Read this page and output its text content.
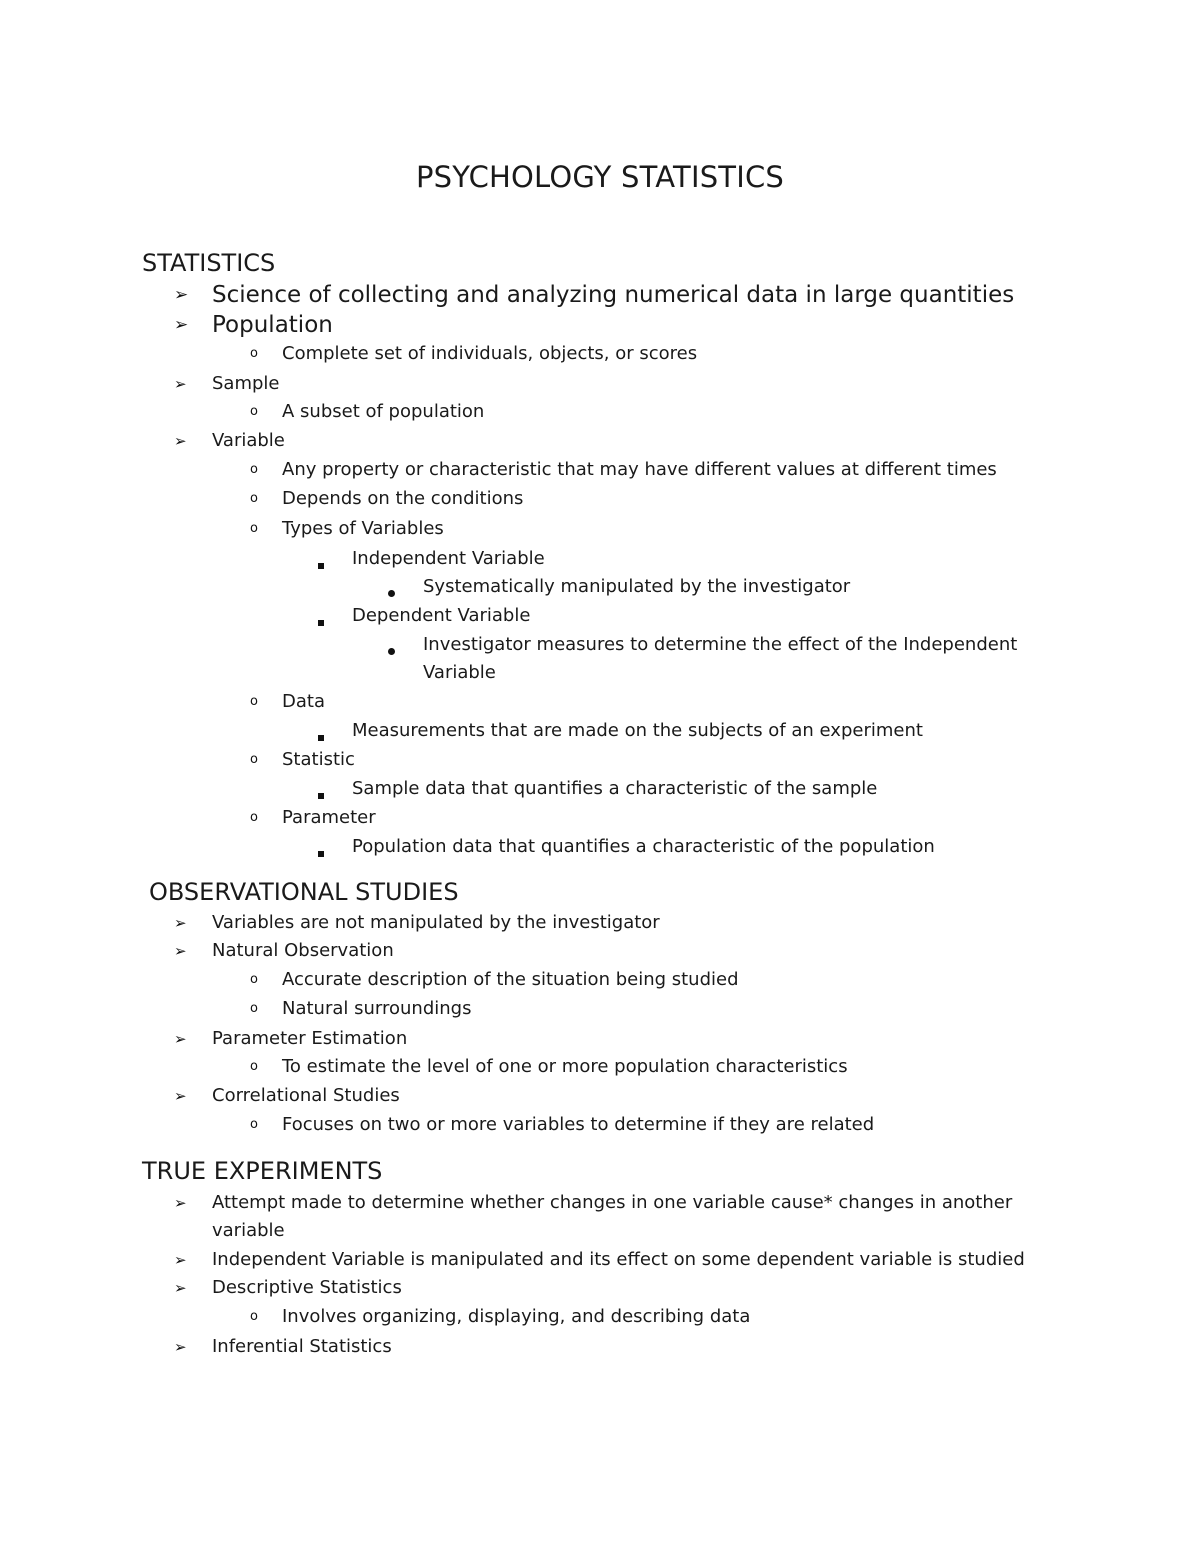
PSYCHOLOGY STATISTICS
STATISTICS
➢ Science of collecting and analyzing numerical data in large quantities
➢ Population
o Complete set of individuals, objects, or scores
➢ Sample
o A subset of population
➢ Variable
o Any property or characteristic that may have different values at different times
o Depends on the conditions
o Types of Variables
Independent Variable
Systematically manipulated by the investigator
Dependent Variable
Investigator measures to determine the effect of the Independent
Variable
o Data
Measurements that are made on the subjects of an experiment
o Statistic
Sample data that quantifies a characteristic of the sample
o Parameter
Population data that quantifies a characteristic of the population
OBSERVATIONAL STUDIES
➢ Variables are not manipulated by the investigator
➢ Natural Observation
o Accurate description of the situation being studied
o Natural surroundings
➢ Parameter Estimation
o To estimate the level of one or more population characteristics
➢ Correlational Studies
o Focuses on two or more variables to determine if they are related
TRUE EXPERIMENTS
➢ Attempt made to determine whether changes in one variable cause* changes in another
variable
➢ Independent Variable is manipulated and its effect on some dependent variable is studied
➢ Descriptive Statistics
o Involves organizing, displaying, and describing data
➢ Inferential Statistics
